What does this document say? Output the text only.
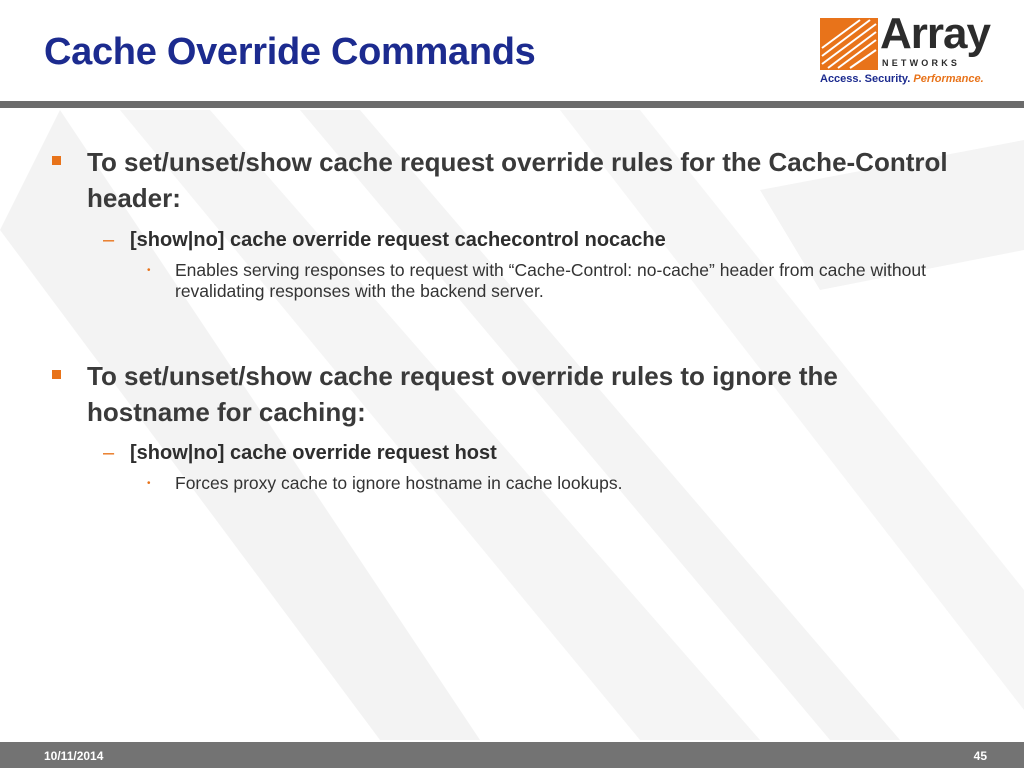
Cache Override Commands	Array
NETWORKS
Access. Security. Performance.
To set/unset/show cache request override rules for the Cache-Control header:
– [show|no] cache override request cachecontrol nocache
• Enables serving responses to request with “Cache-Control: no-cache” header from cache without revalidating responses with the backend server.
To set/unset/show cache request override rules to ignore the hostname for caching:
– [show|no] cache override request host
• Forces proxy cache to ignore hostname in cache lookups.
10/11/2014	45
